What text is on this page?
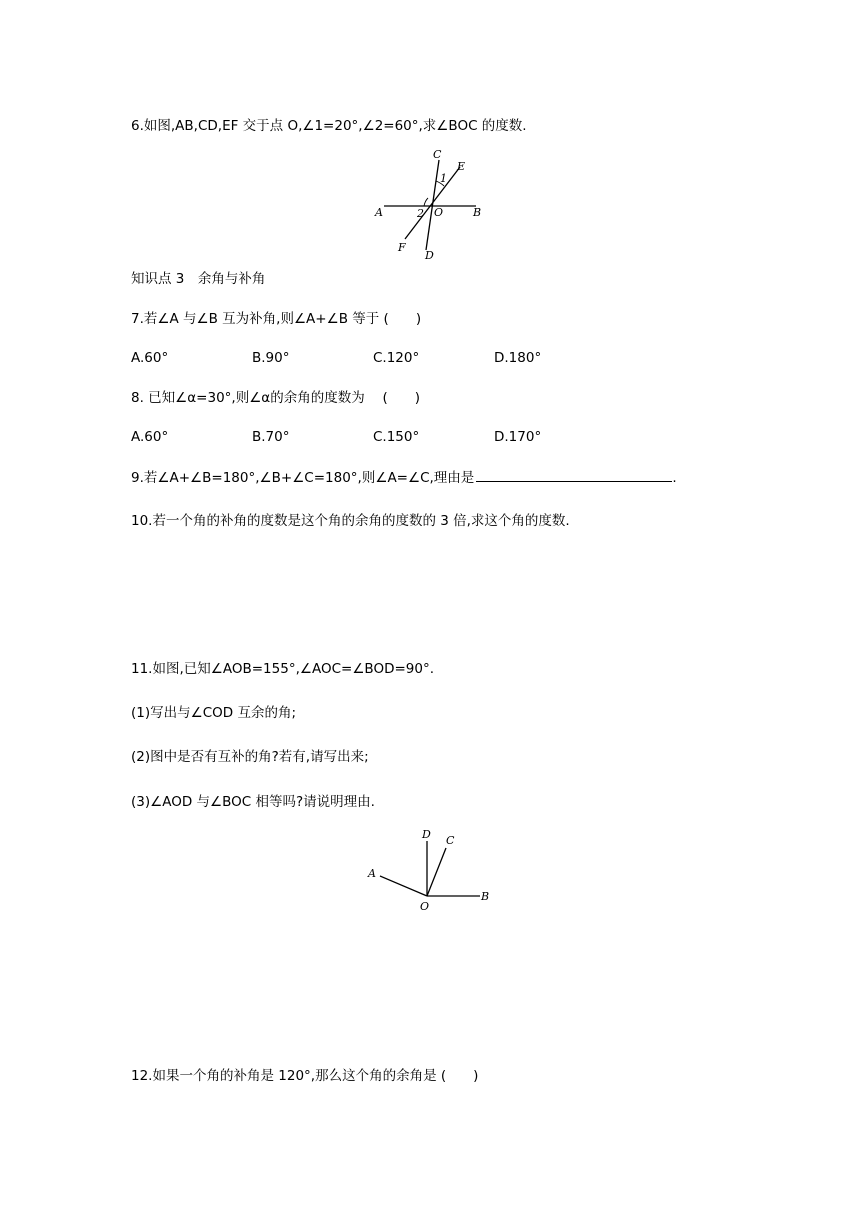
6.如图,AB,CD,EF 交于点 O,∠1=20°,∠2=60°,求∠BOC 的度数.
A	B
C
D
E
F
O
1
2
知识点 3　余角与补角
7.若∠A 与∠B 互为补角,则∠A+∠B 等于 (　　)
A.60°	B.90°	C.120°	D.180°
8. 已知∠α=30°,则∠α的余角的度数为　 (　　)
A.60°	B.70°	C.150°	D.170°
9.若∠A+∠B=180°,∠B+∠C=180°,则∠A=∠C,理由是	.
10.若一个角的补角的度数是这个角的余角的度数的 3 倍,求这个角的度数.
11.如图,已知∠AOB=155°,∠AOC=∠BOD=90°.
(1)写出与∠COD 互余的角;
(2)图中是否有互补的角?若有,请写出来;
(3)∠AOD 与∠BOC 相等吗?请说明理由.
A
B
C
D
O
12.如果一个角的补角是 120°,那么这个角的余角是 (　　)
